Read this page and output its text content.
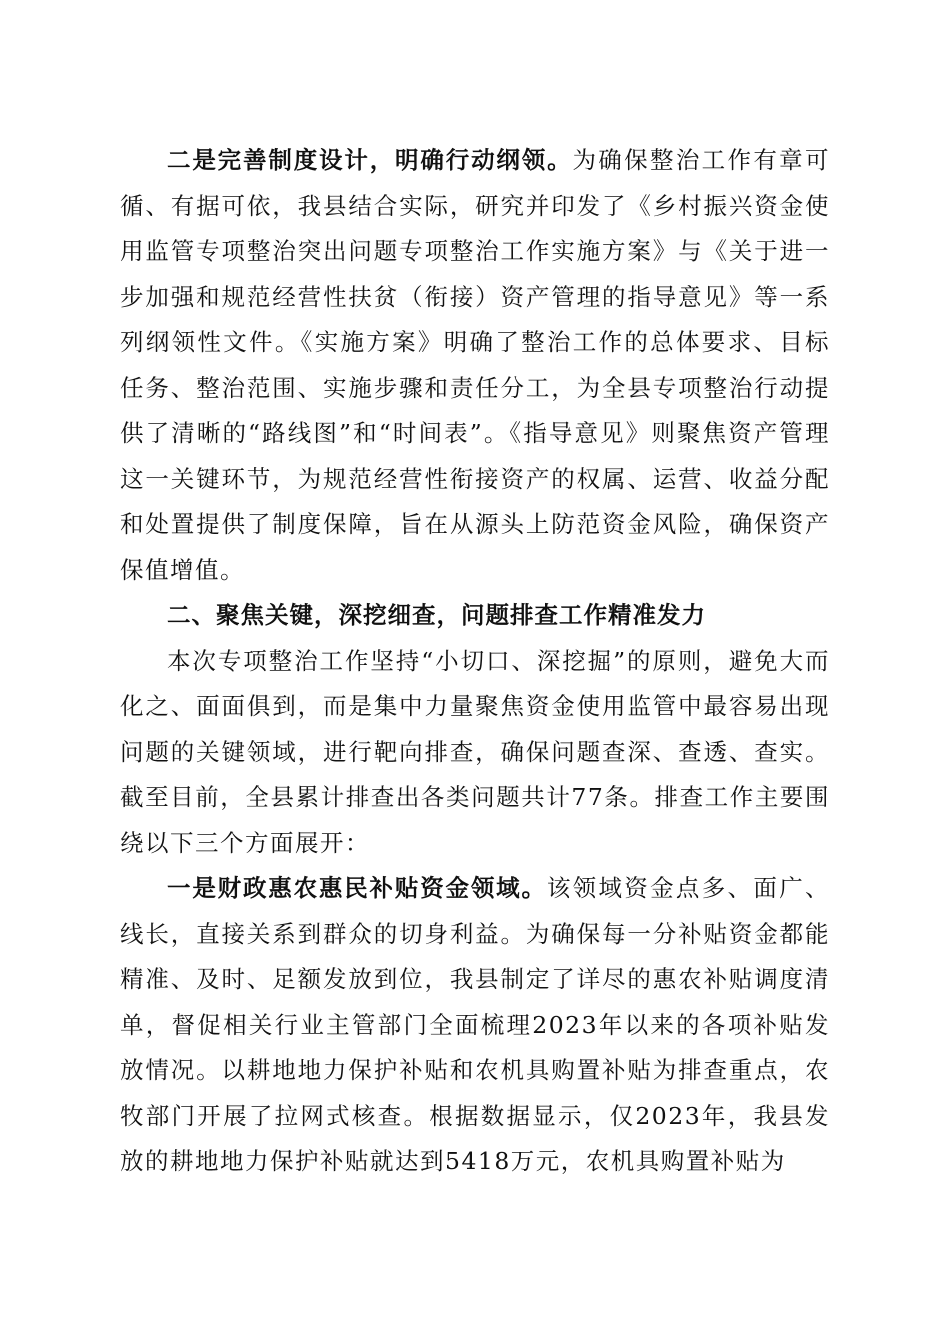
二是完善制度设计，明确行动纲领。为确保整治工作有章可循、有据可依，我县结合实际，研究并印发了《乡村振兴资金使用监管专项整治突出问题专项整治工作实施方案》与《关于进一步加强和规范经营性扶贫（衔接）资产管理的指导意见》等一系列纲领性文件。《实施方案》明确了整治工作的总体要求、目标任务、整治范围、实施步骤和责任分工，为全县专项整治行动提供了清晰的“路线图”和“时间表”。《指导意见》则聚焦资产管理这一关键环节，为规范经营性衔接资产的权属、运营、收益分配和处置提供了制度保障，旨在从源头上防范资金风险，确保资产保值增值。

二、聚焦关键，深挖细查，问题排查工作精准发力

本次专项整治工作坚持“小切口、深挖掘”的原则，避免大而化之、面面俱到，而是集中力量聚焦资金使用监管中最容易出现问题的关键领域，进行靶向排查，确保问题查深、查透、查实。截至目前，全县累计排查出各类问题共计77条。排查工作主要围绕以下三个方面展开：

一是财政惠农惠民补贴资金领域。该领域资金点多、面广、线长，直接关系到群众的切身利益。为确保每一分补贴资金都能精准、及时、足额发放到位，我县制定了详尽的惠农补贴调度清单，督促相关行业主管部门全面梳理2023年以来的各项补贴发放情况。以耕地地力保护补贴和农机具购置补贴为排查重点，农牧部门开展了拉网式核查。根据数据显示，仅2023年，我县发放的耕地地力保护补贴就达到5418万元，农机具购置补贴为
